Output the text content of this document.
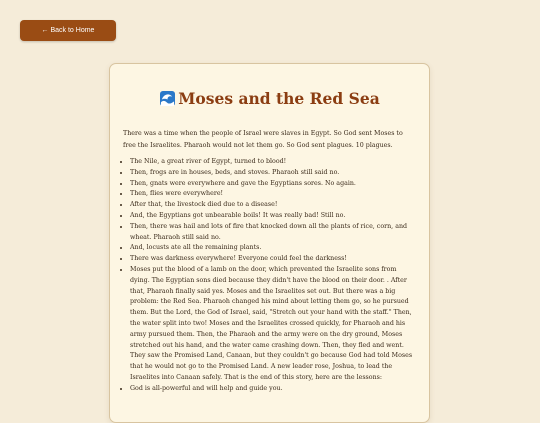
← Back to Home
Moses and the Red Sea

There was a time when the people of Israel were slaves in Egypt. So God sent Moses to free the Israelites. Pharaoh would not let them go. So God sent plagues. 10 plagues.

• The Nile, a great river of Egypt, turned to blood!
• Then, frogs are in houses, beds, and stoves. Pharaoh still said no.
• Then, gnats were everywhere and gave the Egyptians sores. No again.
• Then, flies were everywhere!
• After that, the livestock died due to a disease!
• And, the Egyptians got unbearable boils! It was really bad! Still no.
• Then, there was hail and lots of fire that knocked down all the plants of rice, corn, and wheat. Pharaoh still said no.
• And, locusts ate all the remaining plants.
• There was darkness everywhere! Everyone could feel the darkness!
• Moses put the blood of a lamb on the door, which prevented the Israelite sons from dying. The Egyptian sons died because they didn't have the blood on their door. . After that, Pharaoh finally said yes. Moses and the Israelites set out. But there was a big problem: the Red Sea. Pharaoh changed his mind about letting them go, so he pursued them. But the Lord, the God of Israel, said, "Stretch out your hand with the staff." Then, the water split into two! Moses and the Israelites crossed quickly, for Pharaoh and his army pursued them. Then, the Pharaoh and the army were on the dry ground, Moses stretched out his hand, and the water came crashing down. Then, they fled and went. They saw the Promised Land, Canaan, but they couldn't go because God had told Moses that he would not go to the Promised Land. A new leader rose, Joshua, to lead the Israelites into Canaan safely. That is the end of this story, here are the lessons:
• God is all-powerful and will help and guide you.
